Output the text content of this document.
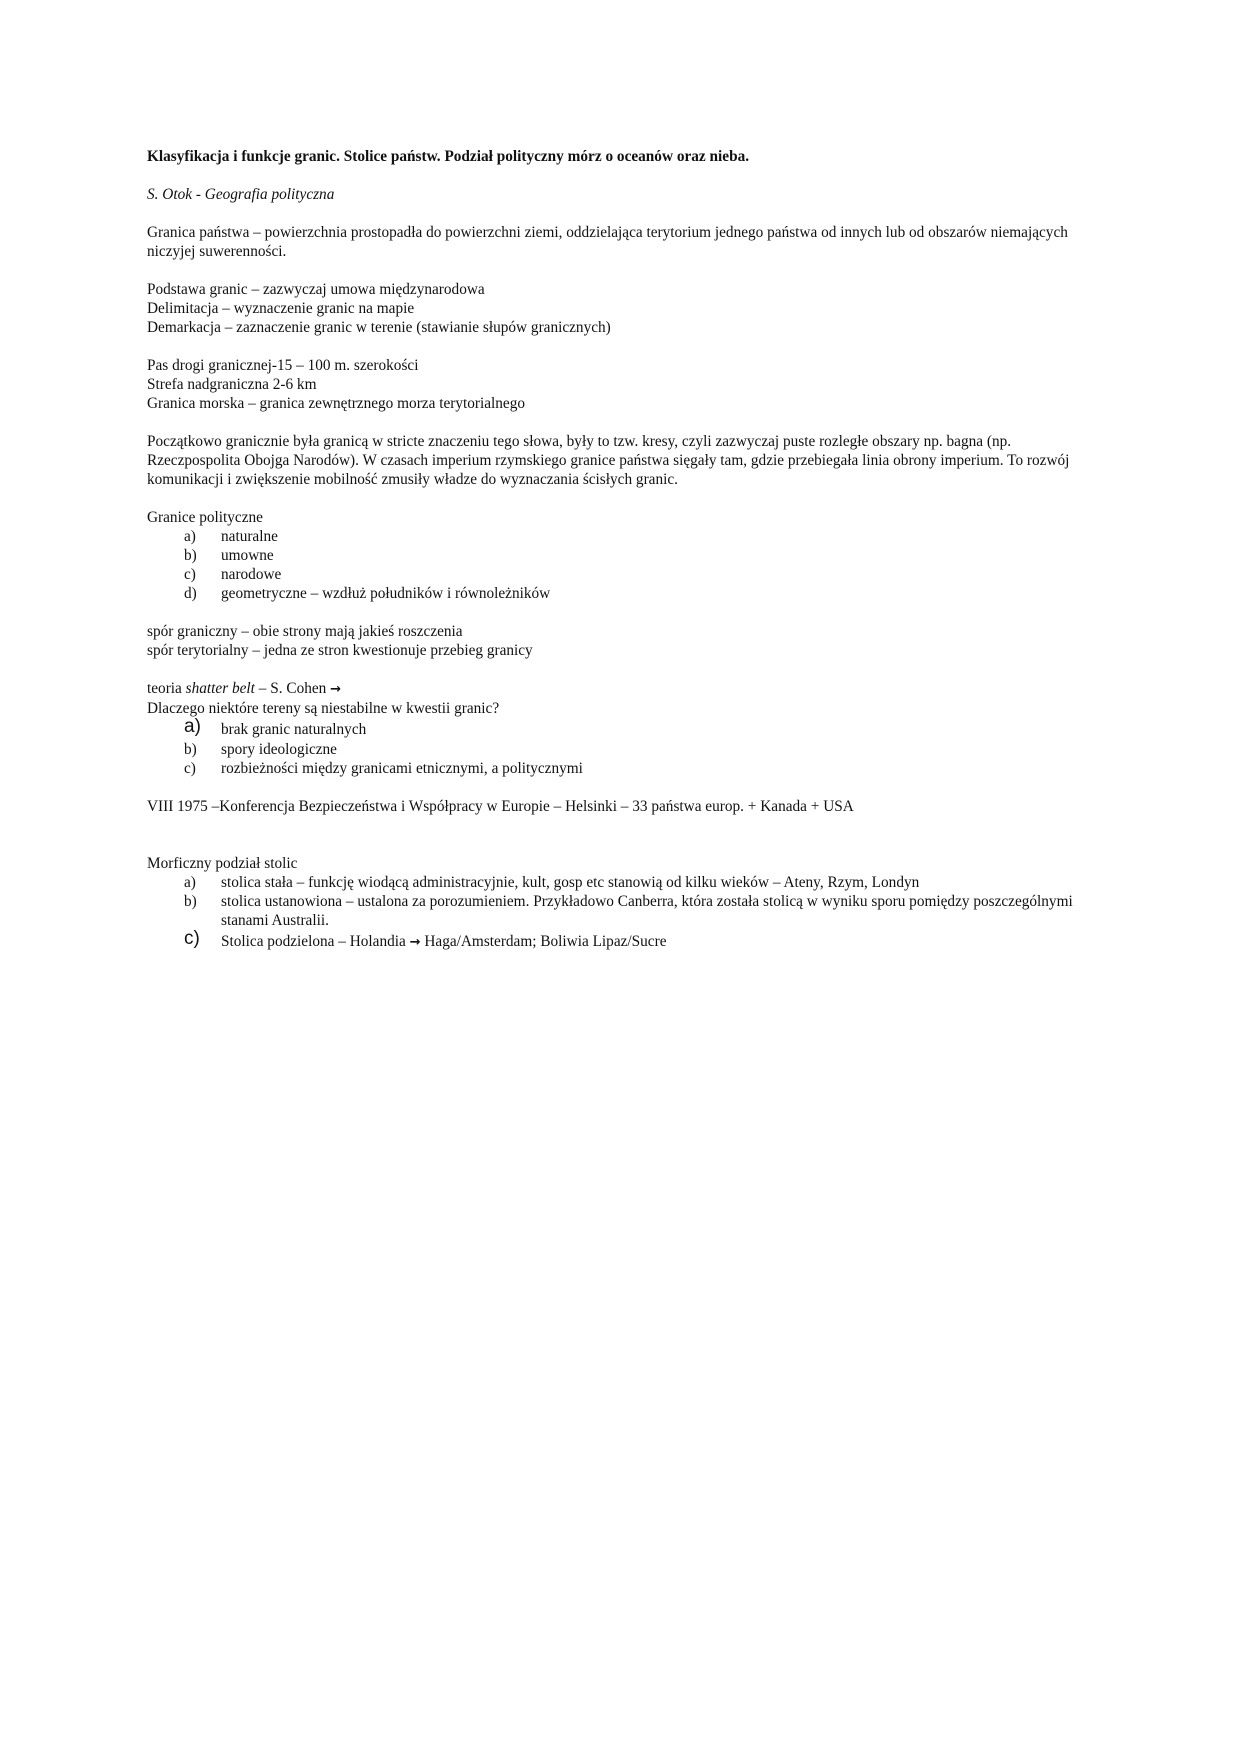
Klasyfikacja i funkcje granic. Stolice państw. Podział polityczny mórz o oceanów oraz nieba.

S. Otok - Geografia polityczna

Granica państwa – powierzchnia prostopadła do powierzchni ziemi, oddzielająca terytorium jednego państwa od innych lub od obszarów niemających niczyjej suwerenności.

Podstawa granic – zazwyczaj umowa międzynarodowa

Delimitacja – wyznaczenie granic na mapie

Demarkacja – zaznaczenie granic w terenie (stawianie słupów granicznych)

Pas drogi granicznej-15 – 100 m. szerokości

Strefa nadgraniczna 2-6 km

Granica morska – granica zewnętrznego morza terytorialnego

Początkowo granicznie była granicą w stricte znaczeniu tego słowa, były to tzw. kresy, czyli zazwyczaj puste rozległe obszary np. bagna (np. Rzeczpospolita Obojga Narodów). W czasach imperium rzymskiego granice państwa sięgały tam, gdzie przebiegała linia obrony imperium. To rozwój komunikacji i zwiększenie mobilność zmusiły władze do wyznaczania ścisłych granic.

Granice polityczne

a) naturalne
b) umowne
c) narodowe
d) geometryczne – wzdłuż południków i równoleżników

spór graniczny – obie strony mają jakieś roszczenia

spór terytorialny – jedna ze stron kwestionuje przebieg granicy

teoria shatter belt – S. Cohen →

Dlaczego niektóre tereny są niestabilne w kwestii granic?

a) brak granic naturalnych
b) spory ideologiczne
c) rozbieżności między granicami etnicznymi, a politycznymi

VIII 1975 –Konferencja Bezpieczeństwa i Współpracy w Europie – Helsinki – 33 państwa europ. + Kanada + USA

Morficzny podział stolic

a) stolica stała – funkcję wiodącą administracyjnie, kult, gosp etc stanowią od kilku wieków – Ateny, Rzym, Londyn
b) stolica ustanowiona – ustalona za porozumieniem. Przykładowo Canberra, która została stolicą w wyniku sporu pomiędzy poszczególnymi stanami Australii.
c) Stolica podzielona – Holandia → Haga/Amsterdam; Boliwia Lipaz/Sucre
